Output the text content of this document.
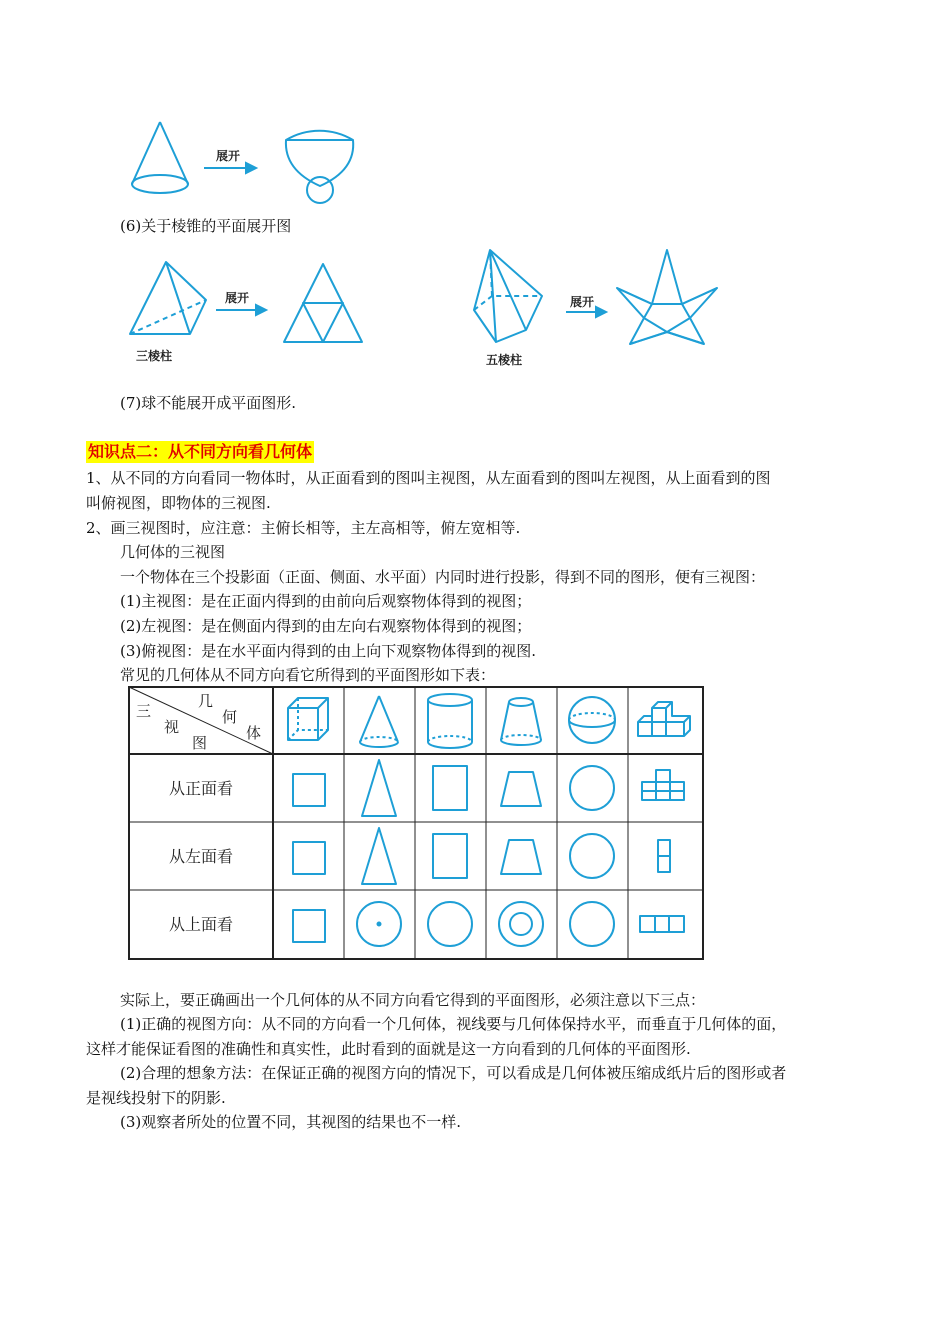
展开
(6)关于棱锥的平面展开图
展开	展开
三棱柱	五棱柱
(7)球不能展开成平面图形.
知识点二：从不同方向看几何体
1、从不同的方向看同一物体时，从正面看到的图叫主视图，从左面看到的图叫左视图，从上面看到的图
叫俯视图，即物体的三视图.
2、画三视图时，应注意：主俯长相等，主左高相等，俯左宽相等.
几何体的三视图
一个物体在三个投影面（正面、侧面、水平面）内同时进行投影，得到不同的图形，便有三视图：
(1)主视图：是在正面内得到的由前向后观察物体得到的视图；
(2)左视图：是在侧面内得到的由左向右观察物体得到的视图；
(3)俯视图：是在水平面内得到的由上向下观察物体得到的视图.
常见的几何体从不同方向看它所得到的平面图形如下表：
三
几
何
体
视
图
从正面看
从左面看
从上面看
实际上，要正确画出一个几何体的从不同方向看它得到的平面图形，必须注意以下三点：
(1)正确的视图方向：从不同的方向看一个几何体，视线要与几何体保持水平，而垂直于几何体的面，
这样才能保证看图的准确性和真实性，此时看到的面就是这一方向看到的几何体的平面图形.
(2)合理的想象方法：在保证正确的视图方向的情况下，可以看成是几何体被压缩成纸片后的图形或者
是视线投射下的阴影.
(3)观察者所处的位置不同，其视图的结果也不一样.
